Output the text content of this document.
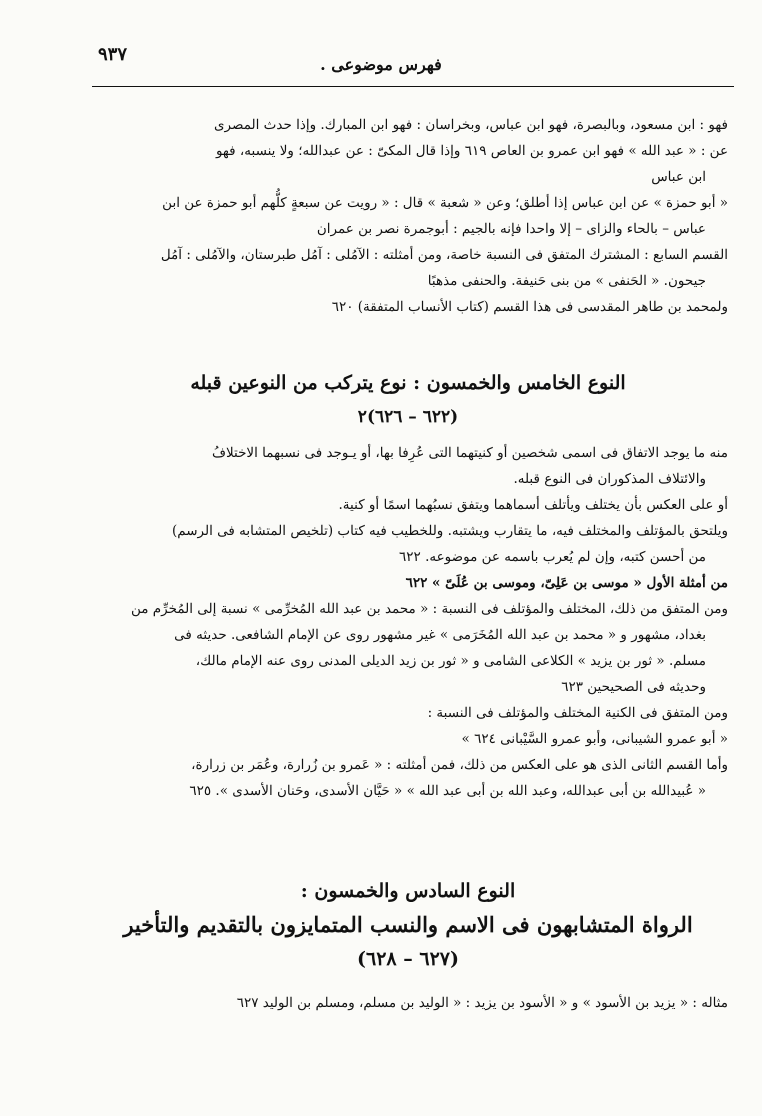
٩٣٧	فهرس موضوعى .

فهو : ابن مسعود، وبالبصرة، فهو ابن عباس، وبخراسان : فهو ابن المبارك. وإذا حدث المصرى

عن : « عبد الله » فهو ابن عمرو بن العاص ٦١٩ وإذا قال المكىّ : عن عبدالله؛ ولا ينسبه، فهو

ابن عباس

« أبو حمزة » عن ابن عباس إذا أطلق؛ وعن « شعبة » قال : « رويت عن سبعةٍ كلُّهم أبو حمزة عن ابن

عباس – بالحاء والزاى – إلا واحدا فإنه بالجيم : أبوجمرة نصر بن عمران

القسم السابع : المشترك المتفق فى النسبة خاصة، ومن أمثلته : الآمُلى : آمُل طبرستان، والآمُلى : آمُل

جيحون. « الحَنفى » من بنى حَنيفة. والحنفى مذهبًا

ولمحمد بن طاهر المقدسى فى هذا القسم (كتاب الأنساب المتفقة) ٦٢٠

النوع الخامس والخمسون : نوع يتركب من النوعين قبله
(٦٢٢ – ٦٢٦)٢

منه ما يوجد الاتفاق فى اسمى شخصين أو كنيتهما التى عُرِفا بها، أو يـوجد فى نسبهما الاختلافُ

والائتلاف المذكوران فى النوع قبله.

أو على العكس بأن يختلف ويأتلف أسماهما ويتفق نسبُهما اسمًا أو كنية.

ويلتحق بالمؤتلف والمختلف فيه، ما يتقارب ويشتبه. وللخطيب فيه كتاب (تلخيص المتشابه فى الرسم)

من أحسن كتبه، وإن لم يُعرب باسمه عن موضوعه. ٦٢٢

من أمثلة الأول « موسى بن عَلِىّ، وموسى بن عُلَىّ » ٦٢٢

ومن المتفق من ذلك، المختلف والمؤتلف فى النسبة : « محمد بن عبد الله المُخرِّمى » نسبة إلى المُخرِّم من

بغداد، مشهور و « محمد بن عبد الله المُخَرَمى » غير مشهور روى عن الإمام الشافعى. حديثه فى

مسلم. « ثور بن يزيد » الكلاعى الشامى و « ثور بن زيد الديلى المدنى روى عنه الإمام مالك،

وحديثه فى الصحيحين ٦٢٣

ومن المتفق فى الكنية المختلف والمؤتلف فى النسبة :

« أبو عمرو الشيبانى، وأبو عمرو السَّيْبانى ٦٢٤ »

وأما القسم الثانى الذى هو على العكس من ذلك، فمن أمثلته : « عَمرو بن زُرارة، وعُمَر بن زرارة،

« عُبيدالله بن أبى عبدالله، وعبد الله بن أبى عبد الله » « حَيَّان الأسدى، وحَنان الأسدى ». ٦٢٥

النوع السادس والخمسون :
الرواة المتشابهون فى الاسم والنسب المتمايزون بالتقديم والتأخير
(٦٢٧ – ٦٢٨)

مثاله : « يزيد بن الأسود » و « الأسود بن يزيد : « الوليد بن مسلم، ومسلم بن الوليد ٦٢٧
